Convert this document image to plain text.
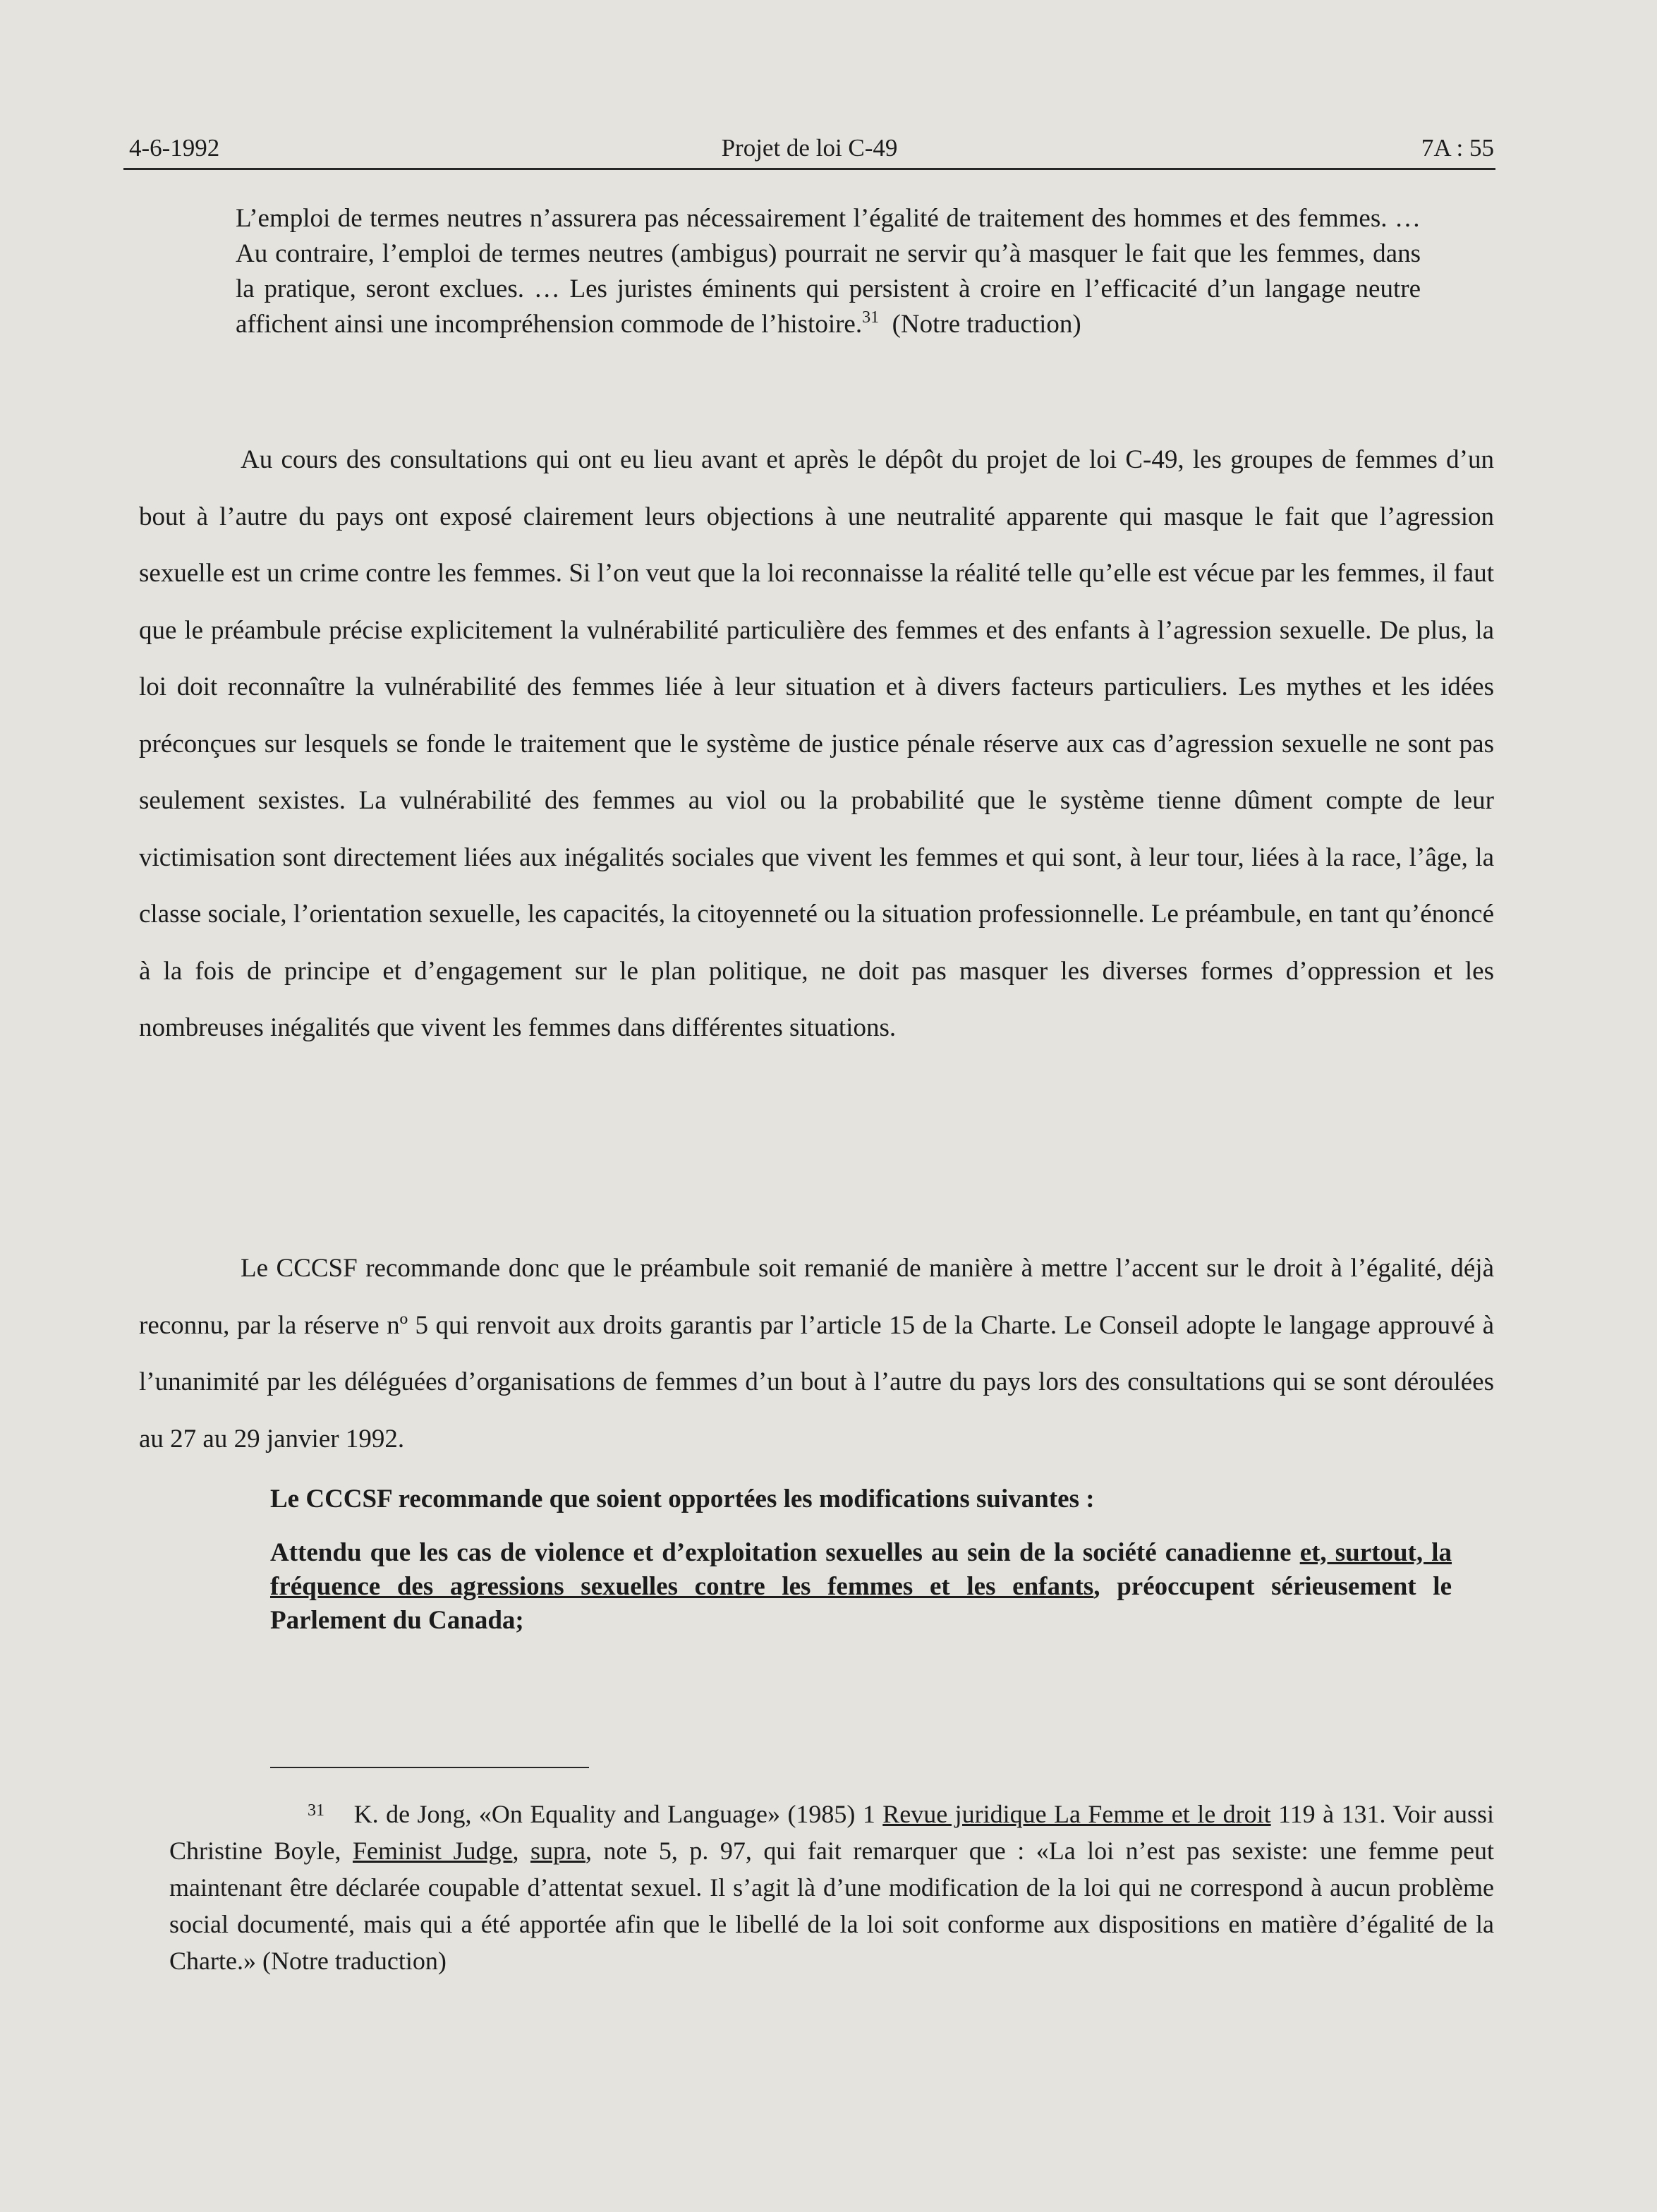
4-6-1992	Projet de loi C-49	7A : 55

L’emploi de termes neutres n’assurera pas nécessairement l’égalité de traitement des hommes et des femmes. … Au contraire, l’emploi de termes neutres (ambigus) pourrait ne servir qu’à masquer le fait que les femmes, dans la pratique, seront exclues. … Les juristes éminents qui persistent à croire en l’efficacité d’un langage neutre affichent ainsi une incompréhension commode de l’histoire.$^{31}$ (Notre traduction)

Au cours des consultations qui ont eu lieu avant et après le dépôt du projet de loi C-49, les groupes de femmes d’un bout à l’autre du pays ont exposé clairement leurs objections à une neutralité apparente qui masque le fait que l’agression sexuelle est un crime contre les femmes. Si l’on veut que la loi reconnaisse la réalité telle qu’elle est vécue par les femmes, il faut que le préambule précise explicitement la vulnérabilité particulière des femmes et des enfants à l’agression sexuelle. De plus, la loi doit reconnaître la vulnérabilité des femmes liée à leur situation et à divers facteurs particuliers. Les mythes et les idées préconçues sur lesquels se fonde le traitement que le système de justice pénale réserve aux cas d’agression sexuelle ne sont pas seulement sexistes. La vulnérabilité des femmes au viol ou la probabilité que le système tienne dûment compte de leur victimisation sont directement liées aux inégalités sociales que vivent les femmes et qui sont, à leur tour, liées à la race, l’âge, la classe sociale, l’orientation sexuelle, les capacités, la citoyenneté ou la situation professionnelle. Le préambule, en tant qu’énoncé à la fois de principe et d’engagement sur le plan politique, ne doit pas masquer les diverses formes d’oppression et les nombreuses inégalités que vivent les femmes dans différentes situations.

Le CCCSF recommande donc que le préambule soit remanié de manière à mettre l’accent sur le droit à l’égalité, déjà reconnu, par la réserve nº 5 qui renvoit aux droits garantis par l’article 15 de la Charte. Le Conseil adopte le langage approuvé à l’unanimité par les déléguées d’organisations de femmes d’un bout à l’autre du pays lors des consultations qui se sont déroulées au 27 au 29 janvier 1992.

Le CCCSF recommande que soient opportées les modifications suivantes :
Attendu que les cas de violence et d’exploitation sexuelles au sein de la société canadienne et, surtout, la fréquence des agressions sexuelles contre les femmes et les enfants, préoccupent sérieusement le Parlement du Canada;

$^{31}$ K. de Jong, «On Equality and Language» (1985) 1 Revue juridique La Femme et le droit 119 à 131. Voir aussi Christine Boyle, Feminist Judge, supra, note 5, p. 97, qui fait remarquer que : «La loi n’est pas sexiste: une femme peut maintenant être déclarée coupable d’attentat sexuel. Il s’agit là d’une modification de la loi qui ne correspond à aucun problème social documenté, mais qui a été apportée afin que le libellé de la loi soit conforme aux dispositions en matière d’égalité de la Charte.» (Notre traduction)
